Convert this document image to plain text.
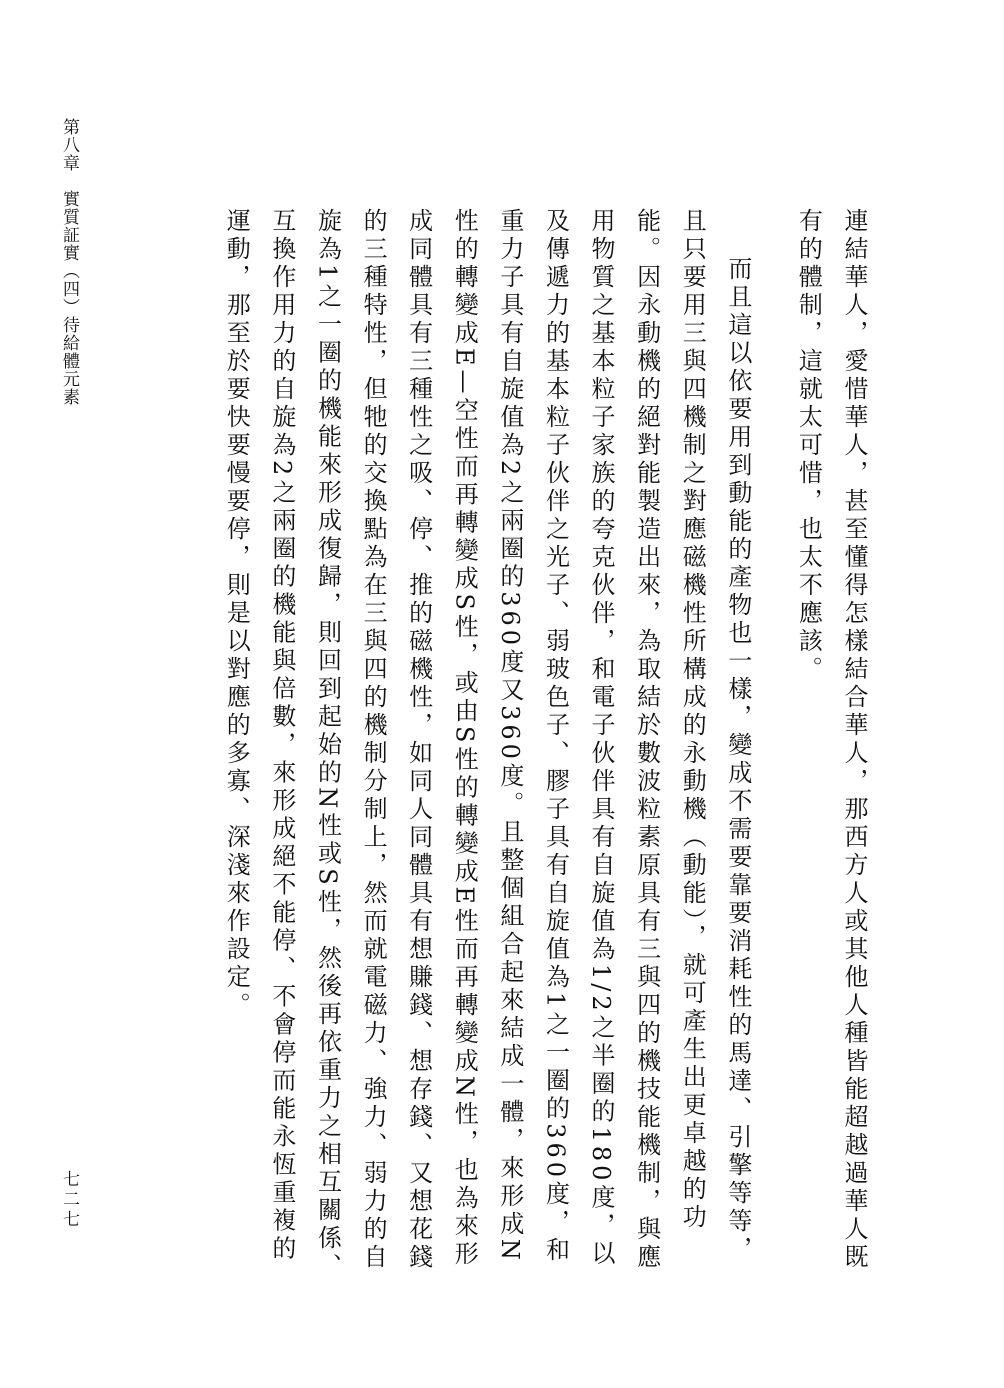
第八章　實質証實（四）待給體元素	連結華人，愛惜華人，甚至懂得怎樣結合華人，那西方人或其他人種皆能超越過華人既有的體制，這就太可惜，也太不應該。

而且這以依要用到動能的產物也一樣，變成不需要靠要消耗性的馬達、引擎等等，且只要用三與四機制之對應磁機性所構成的永動機（動能），就可產生出更卓越的功能。因永動機的絕對能製造出來，為取結於數波粒素原具有三與四的機技能機制，與應用物質之基本粒子家族的夸克伙伴，和電子伙伴具有自旋值為1/2之半圈的180度，以及傳遞力的基本粒子伙伴之光子、弱玻色子、膠子具有自旋值為1之一圈的360度，和重力子具有自旋值為2之兩圈的360度又360度。且整個組合起來結成一體，來形成N性的轉變成E—空性而再轉變成S性，或由S性的轉變成E性而再轉變成N性，也為來形成同體具有三種性之吸、停、推的磁機性，如同人同體具有想賺錢、想存錢、又想花錢的三種特性，但牠的交換點為在三與四的機制分制上，然而就電磁力、強力、弱力的自旋為1之一圈的機能來形成復歸，則回到起始的N性或S性，然後再依重力之相互關係、互換作用力的自旋為2之兩圈的機能與倍數，來形成絕不能停、不會停而能永恆重複的運動，那至於要快要慢要停，則是以對應的多寡、深淺來作設定。

七二七
